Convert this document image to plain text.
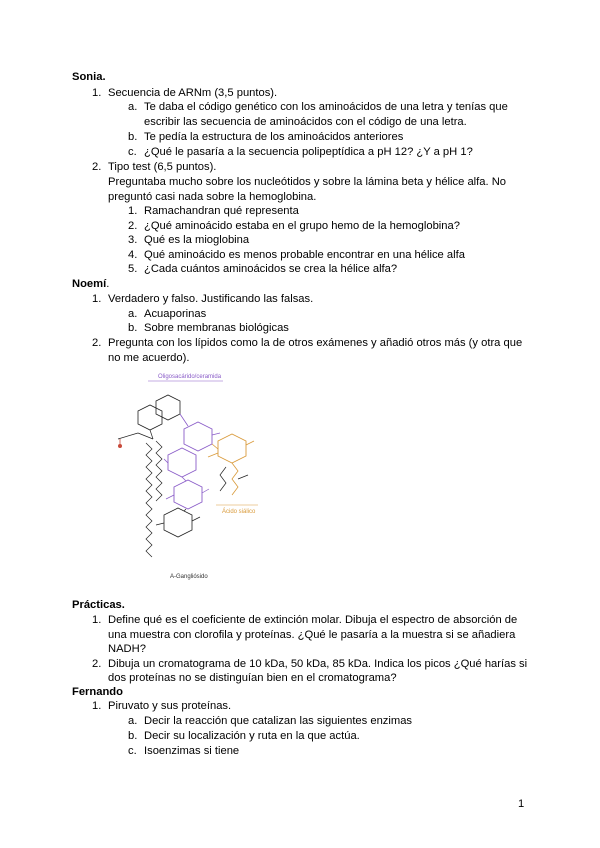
Sonia.
1. Secuencia de ARNm (3,5 puntos).
a. Te daba el código genético con los aminoácidos de una letra y tenías que
escribir las secuencia de aminoácidos con el código de una letra.
b. Te pedía la estructura de los aminoácidos anteriores
c. ¿Qué le pasaría a la secuencia polipeptídica a pH 12? ¿Y a pH 1?
2. Tipo test (6,5 puntos).
Preguntaba mucho sobre los nucleótidos y sobre la lámina beta y hélice alfa. No
preguntó casi nada sobre la hemoglobina.
1. Ramachandran qué representa
2. ¿Qué aminoácido estaba en el grupo hemo de la hemoglobina?
3. Qué es la mioglobina
4. Qué aminoácido es menos probable encontrar en una hélice alfa
5. ¿Cada cuántos aminoácidos se crea la hélice alfa?
Noemí.
1. Verdadero y falso. Justificando las falsas.
a. Acuaporinas
b. Sobre membranas biológicas
2. Pregunta con los lípidos como la de otros exámenes y añadió otros más (y otra que
no me acuerdo).
Oligosacárido/ceramida
Ácido siálico
A-Gangliósido
Prácticas.
1. Define qué es el coeficiente de extinción molar. Dibuja el espectro de absorción de
una muestra con clorofila y proteínas. ¿Qué le pasaría a la muestra si se añadiera
NADH?
2. Dibuja un cromatograma de 10 kDa, 50 kDa, 85 kDa. Indica los picos ¿Qué harías si
dos proteínas no se distinguían bien en el cromatograma?
Fernando
1. Piruvato y sus proteínas.
a. Decir la reacción que catalizan las siguientes enzimas
b. Decir su localización y ruta en la que actúa.
c. Isoenzimas si tiene
1
